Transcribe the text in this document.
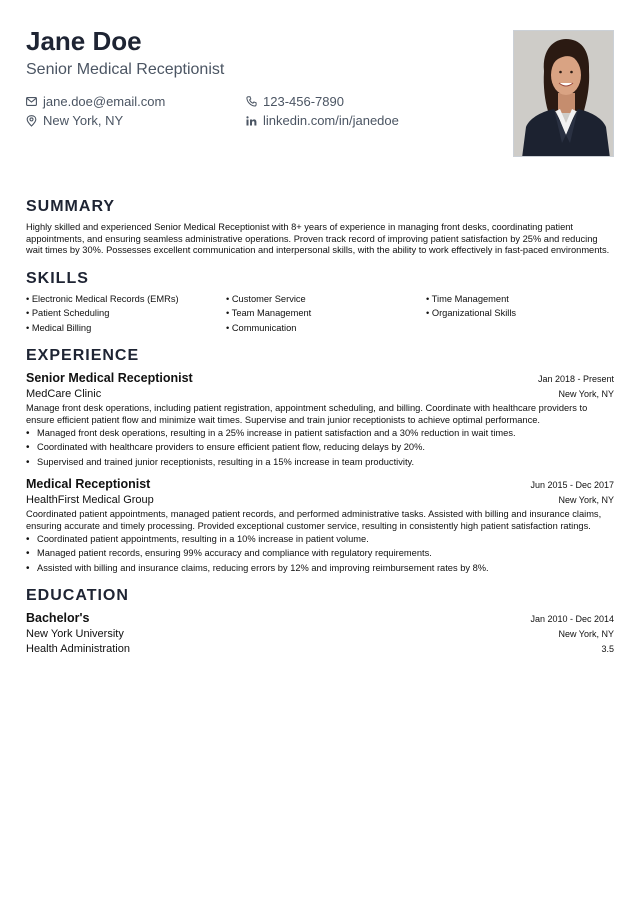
Jane Doe
Senior Medical Receptionist
jane.doe@email.com	123-456-7890
New York, NY	linkedin.com/in/janedoe
SUMMARY

Highly skilled and experienced Senior Medical Receptionist with 8+ years of experience in managing front desks, coordinating patient appointments, and ensuring seamless administrative operations. Proven track record of improving patient satisfaction by 25% and reducing wait times by 30%. Possesses excellent communication and interpersonal skills, with the ability to work effectively in fast-paced environments.

SKILLS
• Electronic Medical Records (EMRs)	• Customer Service	• Time Management
• Patient Scheduling	• Team Management	• Organizational Skills
• Medical Billing	• Communication
EXPERIENCE
Senior Medical Receptionist	Jan 2018 - Present
MedCare Clinic	New York, NY

Manage front desk operations, including patient registration, appointment scheduling, and billing. Coordinate with healthcare providers to ensure efficient patient flow and minimize wait times. Supervise and train junior receptionists to achieve optimal performance.

• Managed front desk operations, resulting in a 25% increase in patient satisfaction and a 30% reduction in wait times.
• Coordinated with healthcare providers to ensure efficient patient flow, reducing delays by 20%.
• Supervised and trained junior receptionists, resulting in a 15% increase in team productivity.
Medical Receptionist	Jun 2015 - Dec 2017
HealthFirst Medical Group	New York, NY

Coordinated patient appointments, managed patient records, and performed administrative tasks. Assisted with billing and insurance claims, ensuring accurate and timely processing. Provided exceptional customer service, resulting in consistently high patient satisfaction ratings.

• Coordinated patient appointments, resulting in a 10% increase in patient volume.
• Managed patient records, ensuring 99% accuracy and compliance with regulatory requirements.
• Assisted with billing and insurance claims, reducing errors by 12% and improving reimbursement rates by 8%.
EDUCATION
Bachelor's	Jan 2010 - Dec 2014
New York University	New York, NY
Health Administration	3.5
